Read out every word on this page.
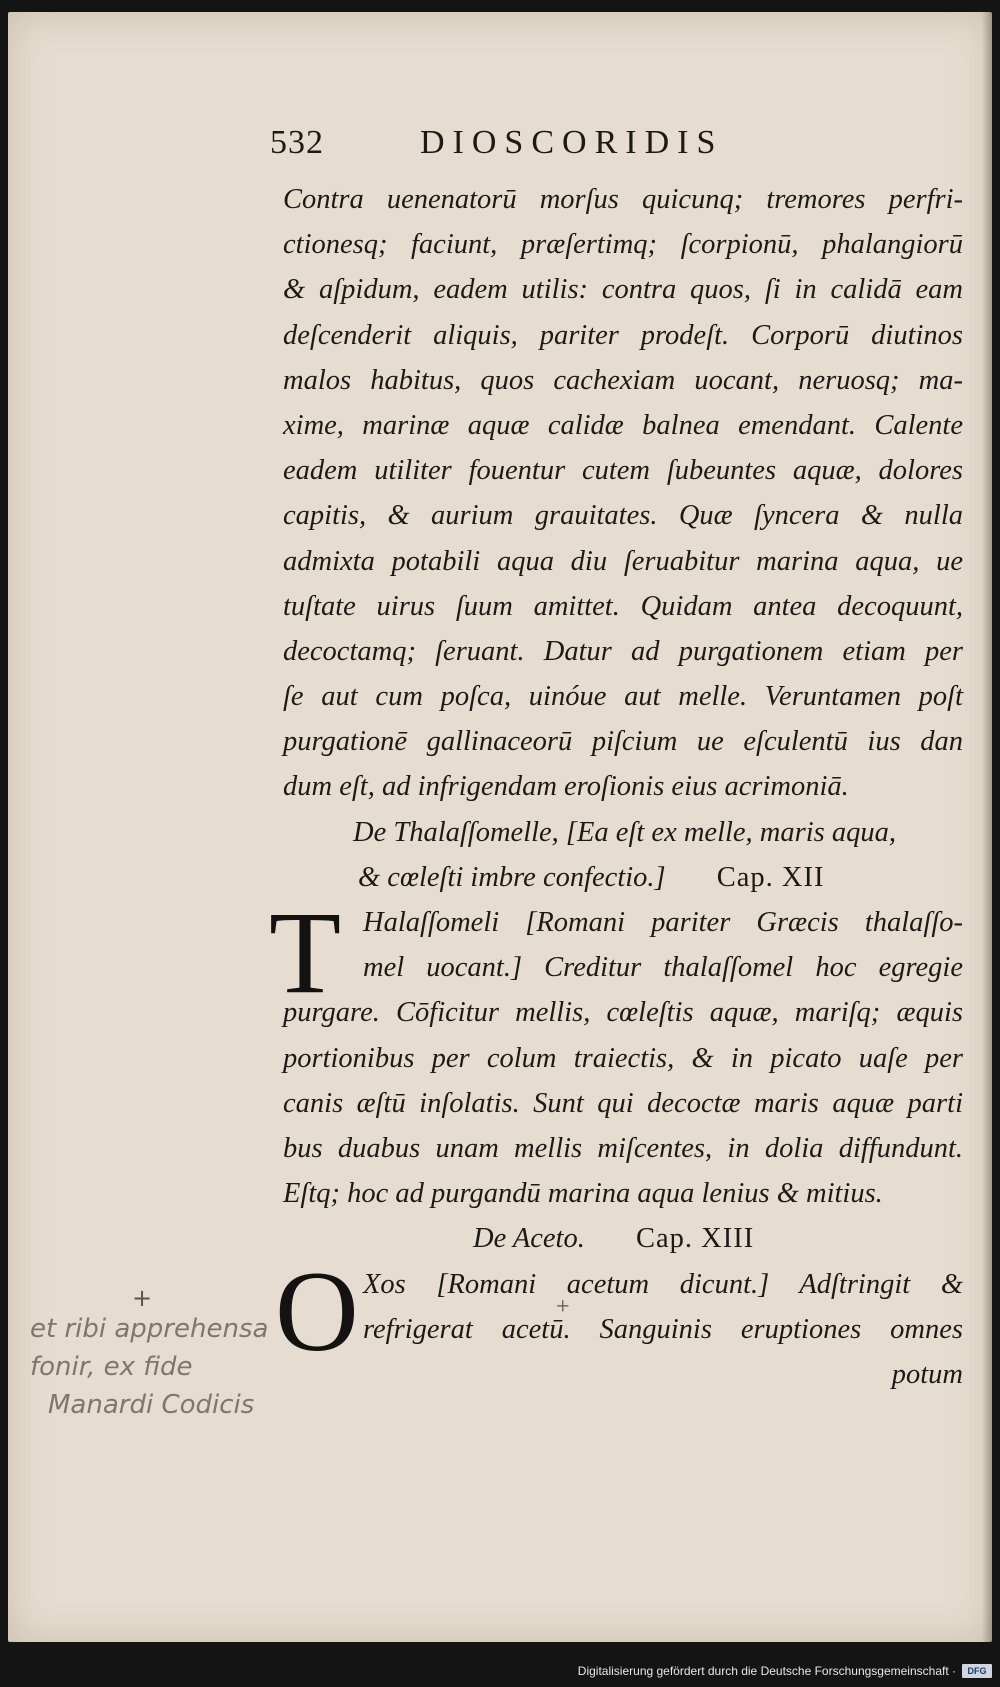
532	DIOSCORIDIS
Contra uenenatorū morſus quicunq; tremores perfri-
ctionesq; faciunt, præſertimq; ſcorpionū, phalangiorū
& aſpidum, eadem utilis: contra quos, ſi in calidā eam
deſcenderit aliquis, pariter prodeſt. Corporū diutinos
malos habitus, quos cachexiam uocant, neruosq; ma-
xime, marinæ aquæ calidæ balnea emendant. Calente
eadem utiliter fouentur cutem ſubeuntes aquæ, dolores
capitis, & aurium grauitates. Quæ ſyncera & nulla
admixta potabili aqua diu ſeruabitur marina aqua, ue
tuſtate uirus ſuum amittet. Quidam antea decoquunt,
decoctamq; ſeruant. Datur ad purgationem etiam per
ſe aut cum poſca, uinóue aut melle. Veruntamen poſt
purgationē gallinaceorū piſcium ue eſculentū ius dan
dum eſt, ad infrigendam eroſionis eius acrimoniā.
De Thalaſſomelle, [Ea eſt ex melle, maris aqua,
& cœleſti imbre confectio.] Cap. XII
T Halaſſomeli [Romani pariter Græcis thalaſſo-
mel uocant.] Creditur thalaſſomel hoc egregie
purgare. Cōficitur mellis, cœleſtis aquæ, mariſq; æquis
portionibus per colum traiectis, & in picato uaſe per
canis æſtū inſolatis. Sunt qui decoctæ maris aquæ parti
bus duabus unam mellis miſcentes, in dolia diffundunt.
Eſtq; hoc ad purgandū marina aqua lenius & mitius.
De Aceto. Cap. XIII
O Xos [Romani acetum dicunt.] Adſtringit &
refrigerat acetū. Sanguinis eruptiones omnes
potum
+
et ribi apprehensa
fonir, ex fide
Manardi Codicis
+
Digitalisierung gefördert durch die Deutsche Forschungsgemeinschaft ·	DFG
